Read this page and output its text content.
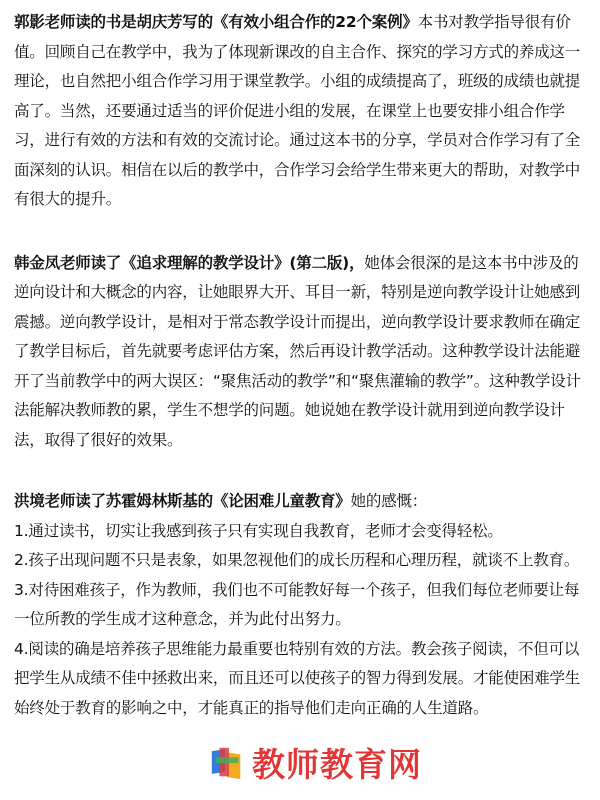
郭影老师读的书是胡庆芳写的《有效小组合作的22个案例》本书对教学指导很有价值。回顾自己在教学中，我为了体现新课改的自主合作、探究的学习方式的养成这一理论，也自然把小组合作学习用于课堂教学。小组的成绩提高了，班级的成绩也就提高了。当然，还要通过适当的评价促进小组的发展，在课堂上也要安排小组合作学习，进行有效的方法和有效的交流讨论。通过这本书的分享，学员对合作学习有了全面深刻的认识。相信在以后的教学中，合作学习会给学生带来更大的帮助，对教学中有很大的提升。

韩金凤老师读了《追求理解的教学设计》(第二版)，她体会很深的是这本书中涉及的逆向设计和大概念的内容，让她眼界大开、耳目一新，特别是逆向教学设计让她感到震撼。逆向教学设计，是相对于常态教学设计而提出，逆向教学设计要求教师在确定了教学目标后，首先就要考虑评估方案，然后再设计教学活动。这种教学设计法能避开了当前教学中的两大误区：“聚焦活动的教学”和“聚焦灌输的教学”。这种教学设计法能解决教师教的累，学生不想学的问题。她说她在教学设计就用到逆向教学设计法，取得了很好的效果。

洪境老师读了苏霍姆林斯基的《论困难儿童教育》她的感慨：

1.通过读书，切实让我感到孩子只有实现自我教育，老师才会变得轻松。

2.孩子出现问题不只是表象，如果忽视他们的成长历程和心理历程，就谈不上教育。

3.对待困难孩子，作为教师，我们也不可能教好每一个孩子，但我们每位老师要让每一位所教的学生成才这种意念，并为此付出努力。

4.阅读的确是培养孩子思维能力最重要也特别有效的方法。教会孩子阅读，不但可以把学生从成绩不佳中拯救出来，而且还可以使孩子的智力得到发展。才能使困难学生始终处于教育的影响之中，才能真正的指导他们走向正确的人生道路。

教师教育网
